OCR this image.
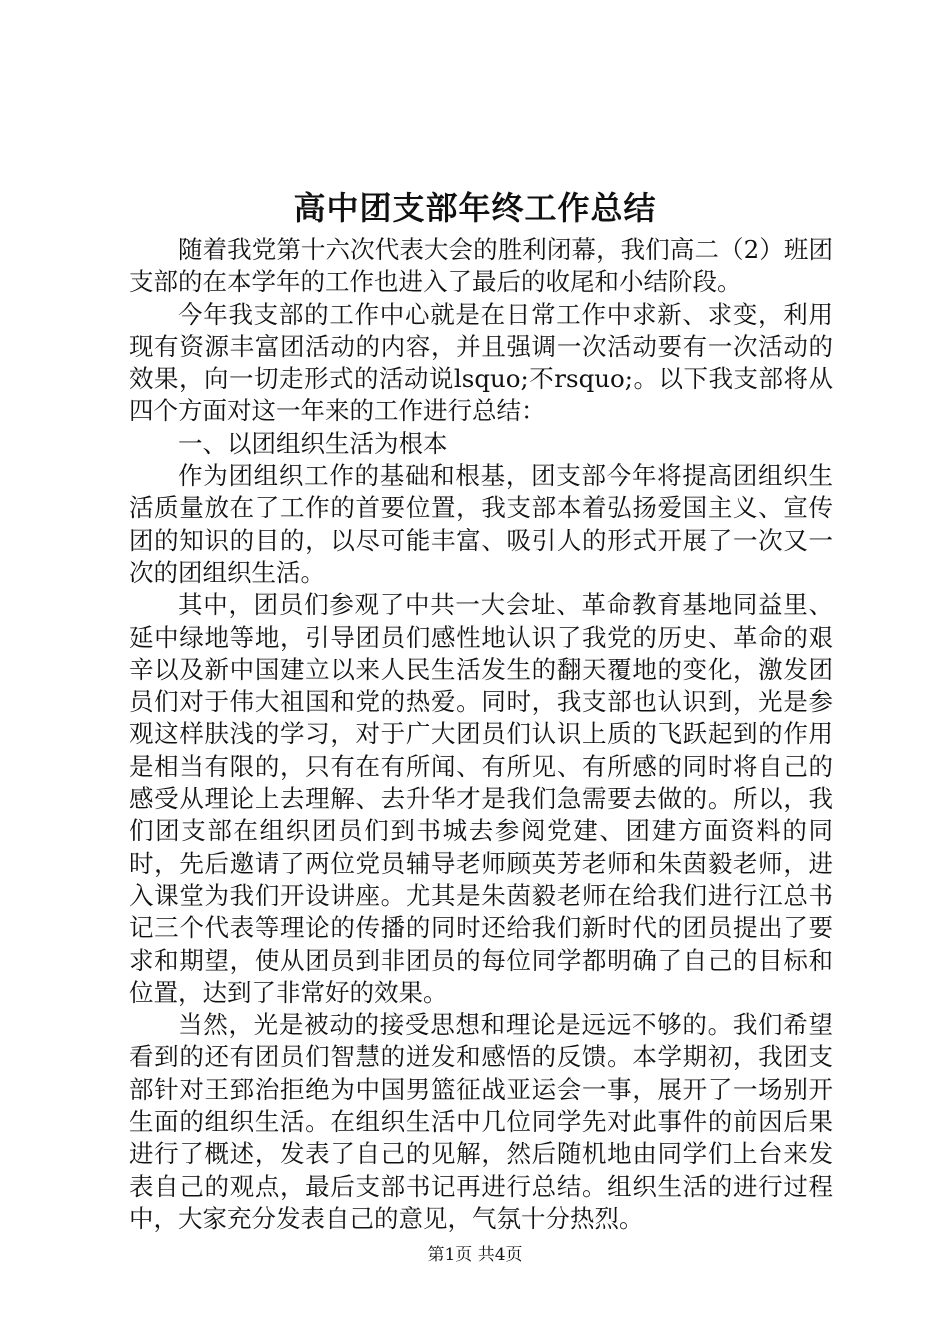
高中团支部年终工作总结

随着我党第十六次代表大会的胜利闭幕，我们高二（2）班团支部的在本学年的工作也进入了最后的收尾和小结阶段。

今年我支部的工作中心就是在日常工作中求新、求变，利用现有资源丰富团活动的内容，并且强调一次活动要有一次活动的效果，向一切走形式的活动说lsquo;不rsquo;。以下我支部将从四个方面对这一年来的工作进行总结：

一、以团组织生活为根本

作为团组织工作的基础和根基，团支部今年将提高团组织生活质量放在了工作的首要位置，我支部本着弘扬爱国主义、宣传团的知识的目的，以尽可能丰富、吸引人的形式开展了一次又一次的团组织生活。

其中，团员们参观了中共一大会址、革命教育基地同益里、延中绿地等地，引导团员们感性地认识了我党的历史、革命的艰辛以及新中国建立以来人民生活发生的翻天覆地的变化，激发团员们对于伟大祖国和党的热爱。同时，我支部也认识到，光是参观这样肤浅的学习，对于广大团员们认识上质的飞跃起到的作用是相当有限的，只有在有所闻、有所见、有所感的同时将自己的感受从理论上去理解、去升华才是我们急需要去做的。所以，我们团支部在组织团员们到书城去参阅党建、团建方面资料的同时，先后邀请了两位党员辅导老师顾英芳老师和朱茵毅老师，进入课堂为我们开设讲座。尤其是朱茵毅老师在给我们进行江总书记三个代表等理论的传播的同时还给我们新时代的团员提出了要求和期望，使从团员到非团员的每位同学都明确了自己的目标和位置，达到了非常好的效果。

当然，光是被动的接受思想和理论是远远不够的。我们希望看到的还有团员们智慧的迸发和感悟的反馈。本学期初，我团支部针对王郅治拒绝为中国男篮征战亚运会一事，展开了一场别开生面的组织生活。在组织生活中几位同学先对此事件的前因后果进行了概述，发表了自己的见解，然后随机地由同学们上台来发表自己的观点，最后支部书记再进行总结。组织生活的进行过程中，大家充分发表自己的意见，气氛十分热烈。

第1页 共4页
